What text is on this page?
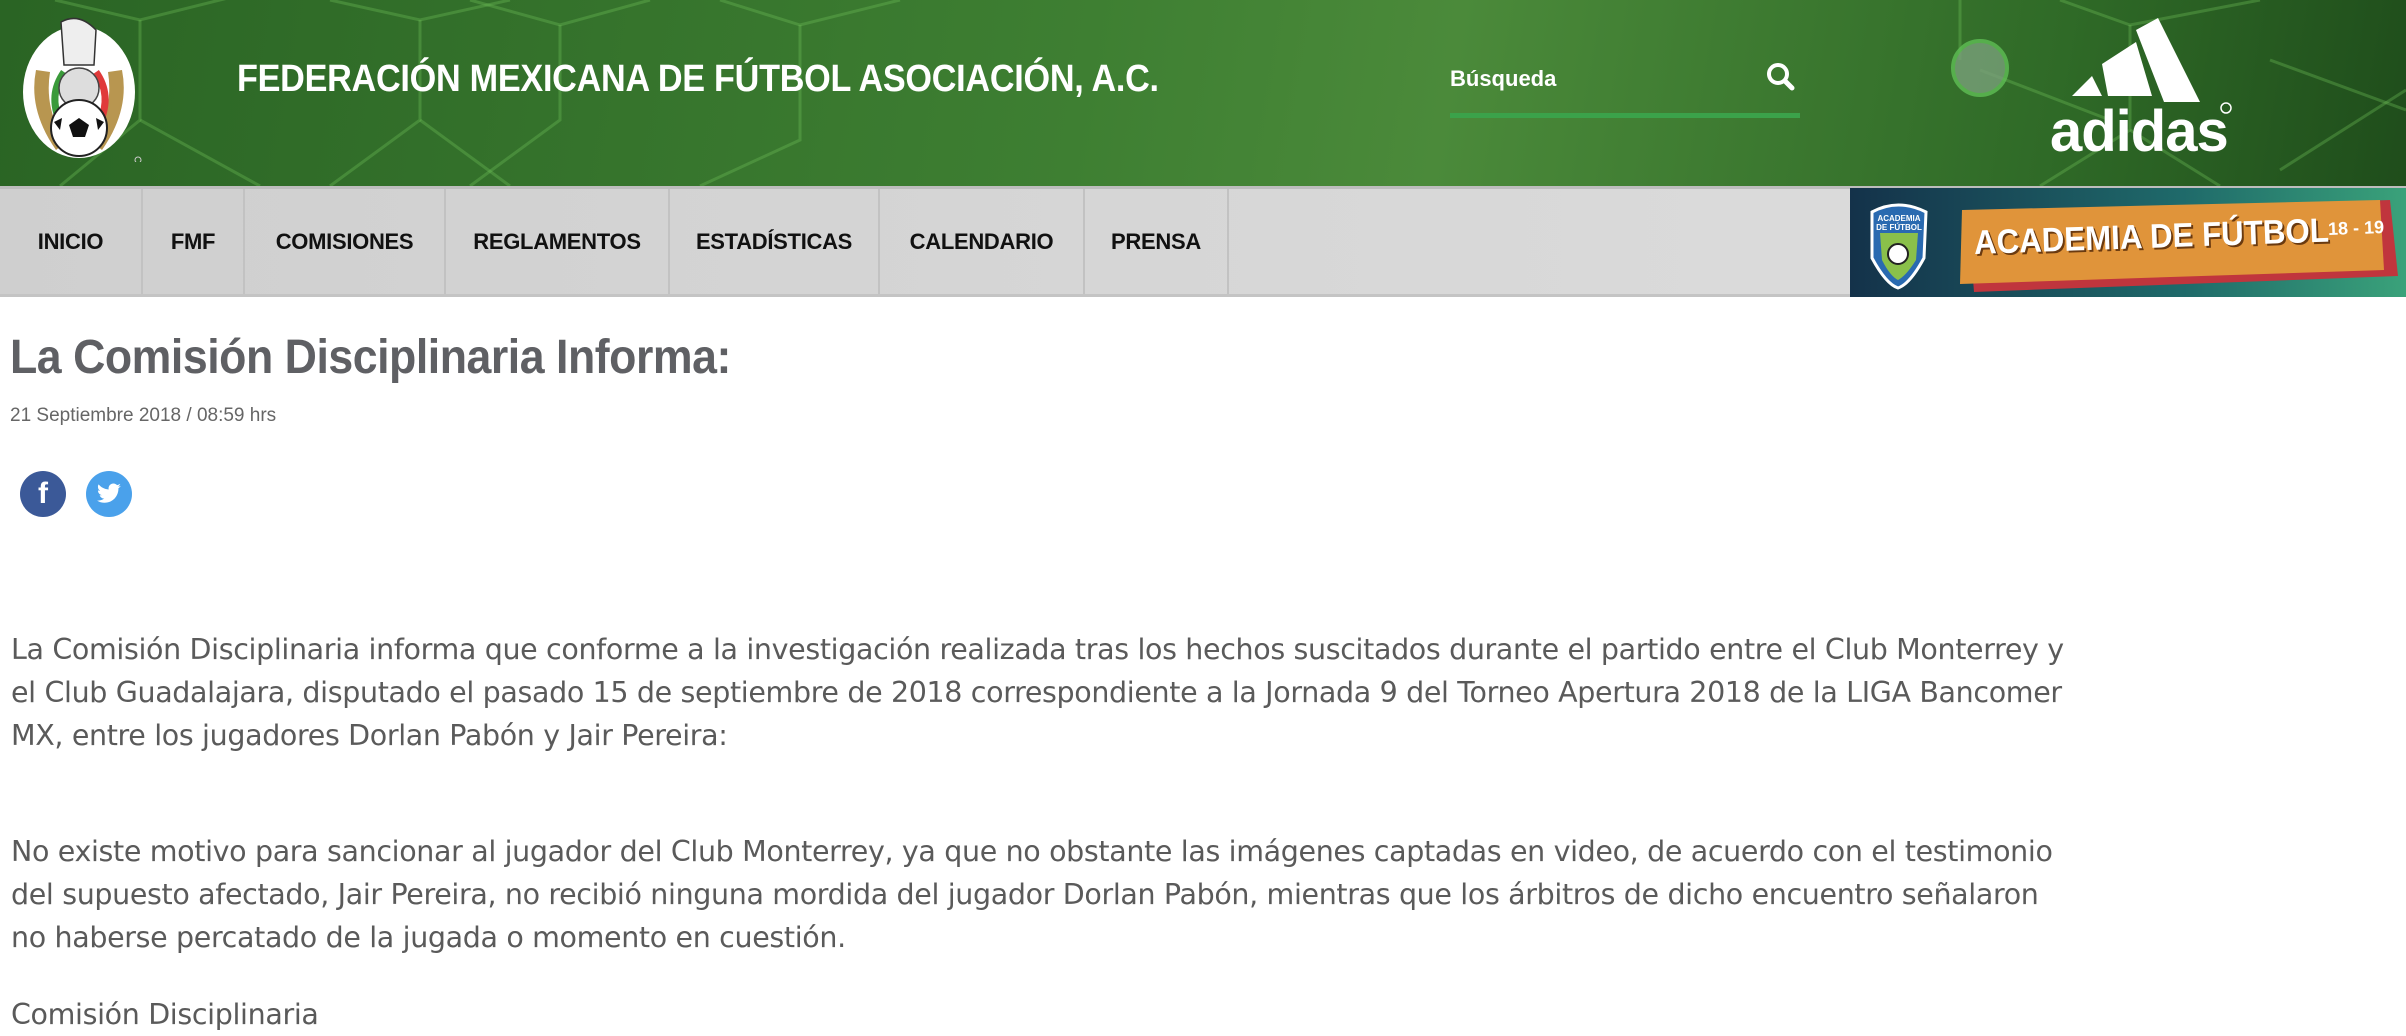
FEDERACIÓN MEXICANA DE FÚTBOL ASOCIACIÓN, A.C.	Búsqueda
adidas
INICIO	FMF	COMISIONES	REGLAMENTOS	ESTADÍSTICAS	CALENDARIO	PRENSA
ACADEMIA DE FÚTBOL ACADEMIA DE FÚTBOL
18 - 19
La Comisión Disciplinaria Informa:
21 Septiembre 2018 / 08:59 hrs
f
La Comisión Disciplinaria informa que conforme a la investigación realizada tras los hechos suscitados durante el partido entre el Club Monterrey y
el Club Guadalajara, disputado el pasado 15 de septiembre de 2018 correspondiente a la Jornada 9 del Torneo Apertura 2018 de la LIGA Bancomer
MX, entre los jugadores Dorlan Pabón y Jair Pereira:
No existe motivo para sancionar al jugador del Club Monterrey, ya que no obstante las imágenes captadas en video, de acuerdo con el testimonio
del supuesto afectado, Jair Pereira, no recibió ninguna mordida del jugador Dorlan Pabón, mientras que los árbitros de dicho encuentro señalaron
no haberse percatado de la jugada o momento en cuestión.
Comisión Disciplinaria
